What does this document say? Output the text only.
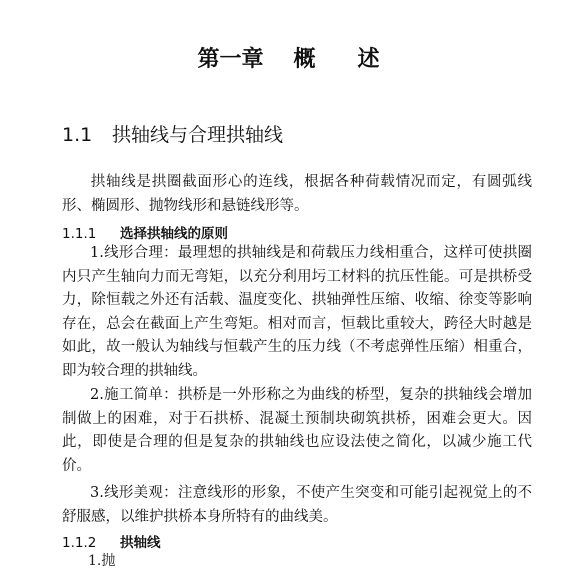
第一章 概 述
1.1 拱轴线与合理拱轴线
拱轴线是拱圈截面形心的连线，根据各种荷载情况而定，有圆弧线形、椭圆形、抛物线形和悬链线形等。
1.1.1 选择拱轴线的原则
1.线形合理：最理想的拱轴线是和荷载压力线相重合，这样可使拱圈内只产生轴向力而无弯矩，以充分利用圬工材料的抗压性能。可是拱桥受力，除恒载之外还有活载、温度变化、拱轴弹性压缩、收缩、徐变等影响存在，总会在截面上产生弯矩。相对而言，恒载比重较大，跨径大时越是如此，故一般认为轴线与恒载产生的压力线（不考虑弹性压缩）相重合，即为较合理的拱轴线。
2.施工简单：拱桥是一外形称之为曲线的桥型，复杂的拱轴线会增加制做上的困难，对于石拱桥、混凝土预制块砌筑拱桥，困难会更大。因此，即使是合理的但是复杂的拱轴线也应设法使之简化，以减少施工代价。
3.线形美观：注意线形的形象，不使产生突变和可能引起视觉上的不舒服感，以维护拱桥本身所特有的曲线美。
1.1.2 拱轴线
1.抛
